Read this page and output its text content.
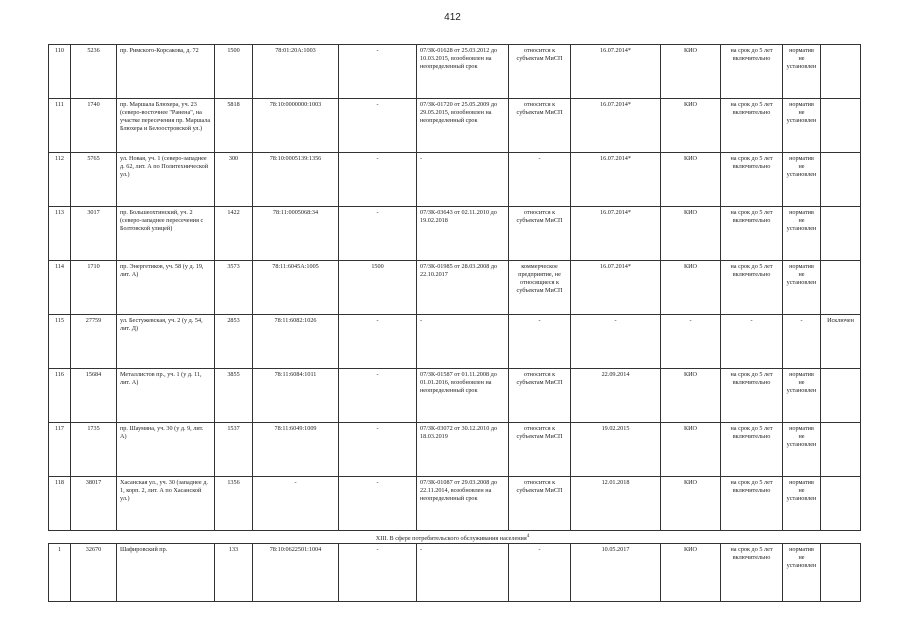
412
110	5236	пр. Римского-Корсакова, д. 72	1500	78:01:20А:1003	-	07/ЗК-01628 от 25.03.2012 до 10.03.2015, возобновлен на неопределенный срок	относится к субъектам МиСП	16.07.2014*	КИО	на срок до 5 лет включительно	норматив не установлен	
111	1740	пр. Маршала Блюхера, уч. 23 (северо-восточнее "Ранена", на участке пересечения пр. Маршала Блюхера и Белоостровской ул.)	5818	78:10:0000000:1003	-	07/ЗК-01720 от 25.05.2009 до 29.05.2015, возобновлен на неопределенный срок	относится к субъектам МиСП	16.07.2014*	КИО	на срок до 5 лет включительно	норматив не установлен	
112	5765	ул. Новая, уч. 1 (северо-западнее д. 62, лит. А по Политехнической ул.)	300	78:10:0005139:1356	-	-	-	16.07.2014*	КИО	на срок до 5 лет включительно	норматив не установлен	
113	3017	пр. Большеохтинский, уч. 2 (северо-западнее пересечения с Болтовской улицей)	1422	78:11:0005068:34	-	07/ЗК-03643 от 02.11.2010 до 19.02.2018	относится к субъектам МиСП	16.07.2014*	КИО	на срок до 5 лет включительно	норматив не установлен	
114	1710	пр. Энергетиков, уч. 58 (у д. 19, лит. А)	3573	78:11:6045А:1005	1500	07/ЗК-01985 от 28.03.2008 до 22.10.2017	коммерческое предприятие, не относящиеся к субъектам МиСП	16.07.2014*	КИО	на срок до 5 лет включительно	норматив не установлен	
115	27759	ул. Бестужевская, уч. 2 (у д. 54, лит. Д)	2853	78:11:6082:1026	-	-	-	-	-	-	-	Исключен
116	15684	Металлистов пр., уч. 1 (у д. 11, лит. А)	3855	78:11:6084:1011	-	07/ЗК-01587 от 01.11.2008 до 01.01.2016, возобновлен на неопределенный срок	относится к субъектам МиСП	22.09.2014	КИО	на срок до 5 лет включительно	норматив не установлен	
117	1735	пр. Шаумяна, уч. 30 (у д. 9, лит. А)	1537	78:11:6049:1009	-	07/ЗК-03072 от 30.12.2010 до 18.03.2019	относится к субъектам МиСП	19.02.2015	КИО	на срок до 5 лет включительно	норматив не установлен	
118	38017	Хасанская ул., уч. 30 (западнее д. 1, корп. 2, лит. А по Хасанской ул.)	1356	-	-	07/ЗК-01087 от 29.03.2008 до 22.11.2014, возобновлен на неопределенный срок	относится к субъектам МиСП	12.01.2018	КИО	на срок до 5 лет включительно	норматив не установлен	
XIII. В сфере потребительского обслуживания населения$^4$
1	32670	Шафировский пр.	133	78:10:0622501:1004	-	-	-	10.05.2017	КИО	на срок до 5 лет включительно	норматив не установлен	
